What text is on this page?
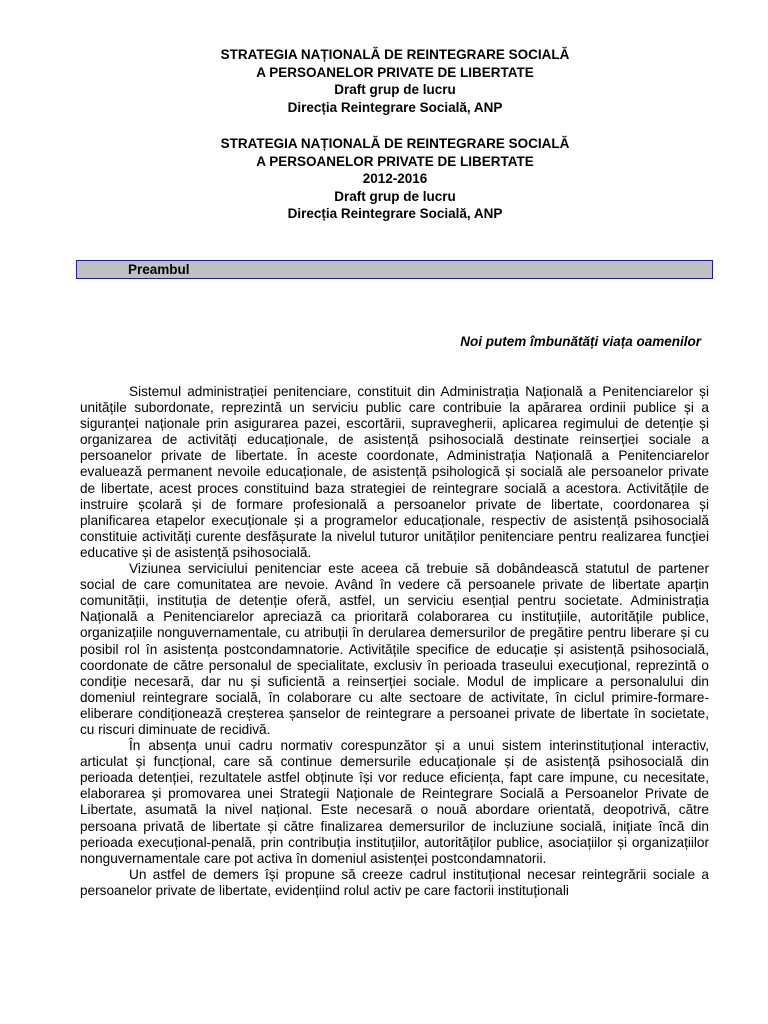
STRATEGIA NAȚIONALĂ DE REINTEGRARE SOCIALĂ
A PERSOANELOR PRIVATE DE LIBERTATE
Draft grup de lucru
Direcția Reintegrare Socială, ANP
STRATEGIA NAȚIONALĂ DE REINTEGRARE SOCIALĂ
A PERSOANELOR PRIVATE DE LIBERTATE
2012-2016
Draft grup de lucru
Direcția Reintegrare Socială, ANP
Preambul
Noi putem îmbunătăți viața oamenilor

Sistemul administrației penitenciare, constituit din Administrația Națională a Penitenciarelor și unitățile subordonate, reprezintă un serviciu public care contribuie la apărarea ordinii publice și a siguranței naționale prin asigurarea pazei, escortării, supravegherii, aplicarea regimului de detenție și organizarea de activități educaționale, de asistență psihosocială destinate reinserției sociale a persoanelor private de libertate. În aceste coordonate, Administrația Națională a Penitenciarelor evaluează permanent nevoile educaționale, de asistență psihologică și socială ale persoanelor private de libertate, acest proces constituind baza strategiei de reintegrare socială a acestora. Activitățile de instruire școlară și de formare profesională a persoanelor private de libertate, coordonarea și planificarea etapelor execuționale și a programelor educaționale, respectiv de asistență psihosocială constituie activități curente desfășurate la nivelul tuturor unităților penitenciare pentru realizarea funcției educative și de asistență psihosocială.

Viziunea serviciului penitenciar este aceea că trebuie să dobândească statutul de partener social de care comunitatea are nevoie. Având în vedere că persoanele private de libertate aparțin comunității, instituția de detenție oferă, astfel, un serviciu esențial pentru societate. Administrația Națională a Penitenciarelor apreciază ca prioritară colaborarea cu instituțiile, autoritățile publice, organizațiile nonguvernamentale, cu atribuții în derularea demersurilor de pregătire pentru liberare și cu posibil rol în asistența postcondamnatorie. Activitățile specifice de educație și asistență psihosocială, coordonate de către personalul de specialitate, exclusiv în perioada traseului execuțional, reprezintă o condiție necesară, dar nu și suficientă a reinserției sociale. Modul de implicare a personalului din domeniul reintegrare socială, în colaborare cu alte sectoare de activitate, în ciclul primire-formare-eliberare condiționează creșterea șanselor de reintegrare a persoanei private de libertate în societate, cu riscuri diminuate de recidivă.

În absența unui cadru normativ corespunzător și a unui sistem interinstituțional interactiv, articulat și funcțional, care să continue demersurile educaționale și de asistență psihosocială din perioada detenției, rezultatele astfel obținute își vor reduce eficiența, fapt care impune, cu necesitate, elaborarea și promovarea unei Strategii Naționale de Reintegrare Socială a Persoanelor Private de Libertate, asumată la nivel național. Este necesară o nouă abordare orientată, deopotrivă, către persoana privată de libertate și către finalizarea demersurilor de incluziune socială, inițiate încă din perioada execuțional-penală, prin contribuția instituțiilor, autorităților publice, asociațiilor și organizațiilor nonguvernamentale care pot activa în domeniul asistenței postcondamnatorii.

Un astfel de demers își propune să creeze cadrul instituțional necesar reintegrării sociale a persoanelor private de libertate, evidențiind rolul activ pe care factorii instituționali
